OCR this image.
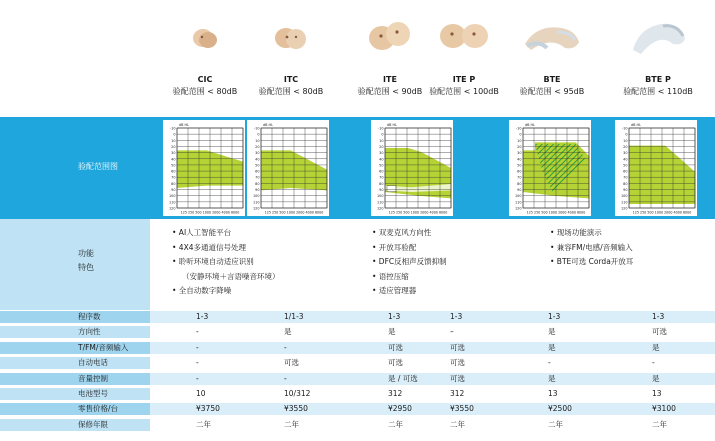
CIC
验配范围 < 80dB
ITC
验配范围 < 80dB
ITE
验配范围 < 90dB
ITE P
验配范围 < 100dB
BTE
验配范围 < 95dB
BTE P
验配范围 < 110dB
验配范围图
-10
0
10
20
30
40
50
60
70
80
90
100
110
120
dB HL
125 250 500 1000 2000 4000 8000
-10
0
10
20
30
40
50
60
70
80
90
100
110
120
dB HL
125 250 500 1000 2000 4000 8000
-10
0
10
20
30
40
50
60
70
80
90
100
110
120
dB HL
125 250 500 1000 2000 4000 8000
-10
0
10
20
30
40
50
60
70
80
90
100
110
120
dB HL
125 250 500 1000 2000 4000 8000
-10
0
10
20
30
40
50
60
70
80
90
100
110
120
dB HL
125 250 500 1000 2000 4000 8000
功能
特色
• AI人工智能平台
• 4X4多通道信号处理
• 聆听环境自动适应识别
（安静环境＋言语噪音环境）
• 全自动数字降噪
• 双麦克风方向性
• 开放耳验配
• DFC反相声反馈抑制
• 语控压缩
• 适应管理器
• 现场功能演示
• 兼容FM/电感/音频输入
• BTE可选 Corda开放耳
程序数	1-3	1/1-3	1-3	1-3	1-3	1-3
方向性	-	是	是	–	是	可选
T/FM/音频输入	-	-	可选	可选	是	是
自动电话	-	可选	可选	可选	-	-
音量控制	-	-	是 / 可选	可选	是	是
电池型号	10	10/312	312	312	13	13
零售价格/台	¥3750	¥3550	¥2950	¥3550	¥2500	¥3100
保修年限	二年	二年	二年	二年	二年	二年
